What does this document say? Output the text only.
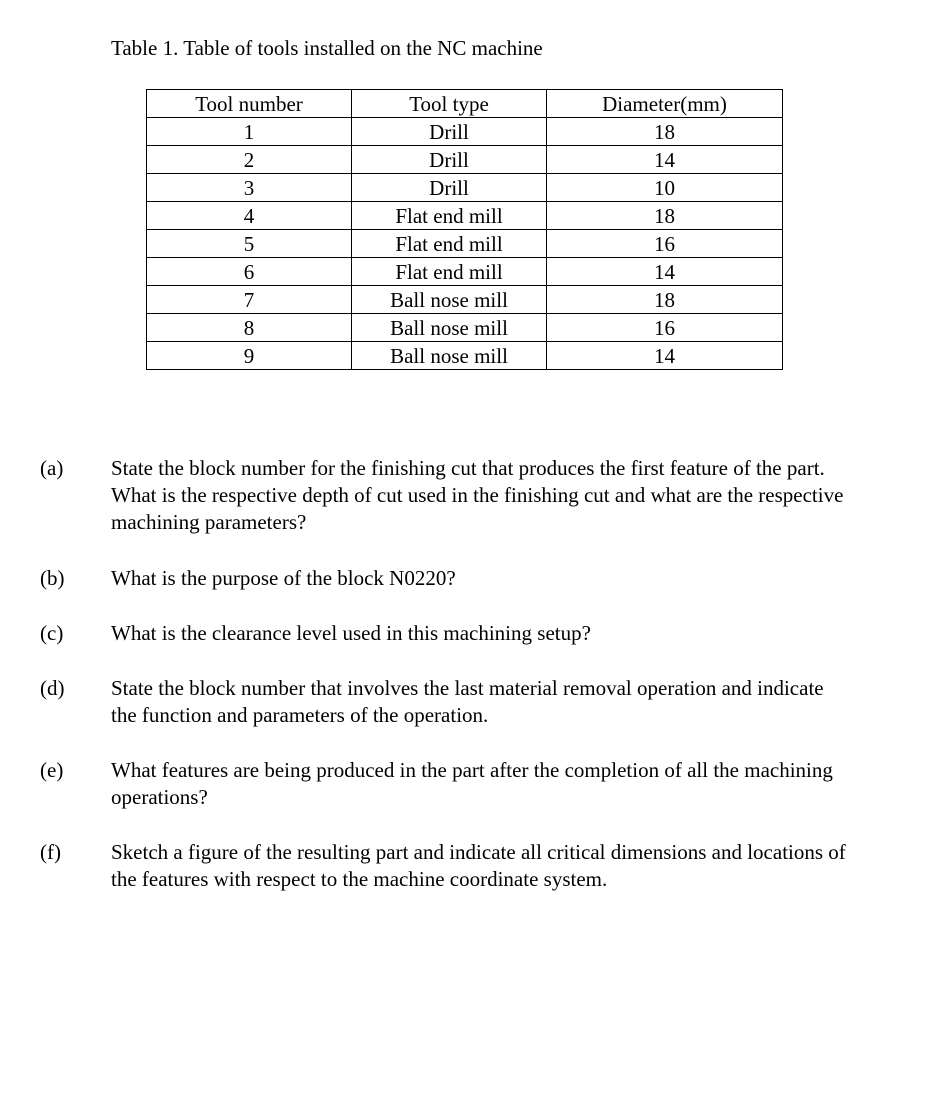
Table 1. Table of tools installed on the NC machine
Tool number	Tool type	Diameter(mm)
1	Drill	18
2	Drill	14
3	Drill	10
4	Flat end mill	18
5	Flat end mill	16
6	Flat end mill	14
7	Ball nose mill	18
8	Ball nose mill	16
9	Ball nose mill	14
(a) State the block number for the finishing cut that produces the first feature of the part. What is the respective depth of cut used in the finishing cut and what are the respective machining parameters?
(b) What is the purpose of the block N0220?
(c) What is the clearance level used in this machining setup?
(d) State the block number that involves the last material removal operation and indicate the function and parameters of the operation.
(e) What features are being produced in the part after the completion of all the machining operations?
(f) Sketch a figure of the resulting part and indicate all critical dimensions and locations of the features with respect to the machine coordinate system.
